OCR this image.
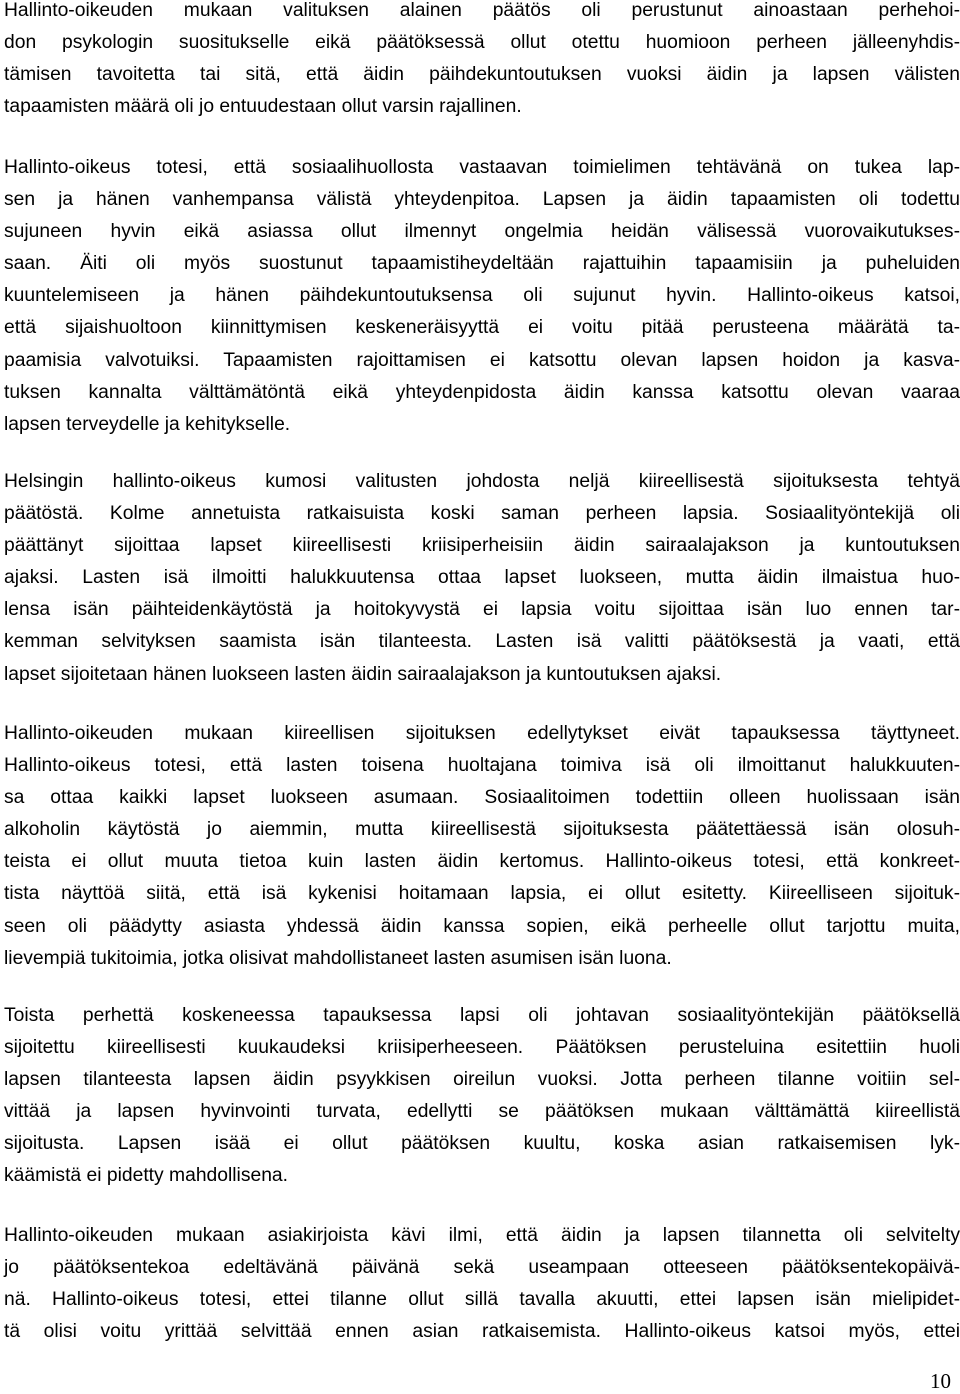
Hallinto-oikeuden mukaan valituksen alainen päätös oli perustunut ainoastaan perhehoi-
don psykologin suositukselle eikä päätöksessä ollut otettu huomioon perheen jälleenyhdis-
tämisen tavoitetta tai sitä, että äidin päihdekuntoutuksen vuoksi äidin ja lapsen välisten
tapaamisten määrä oli jo entuudestaan ollut varsin rajallinen.

Hallinto-oikeus totesi, että sosiaalihuollosta vastaavan toimielimen tehtävänä on tukea lap-
sen ja hänen vanhempansa välistä yhteydenpitoa. Lapsen ja äidin tapaamisten oli todettu
sujuneen hyvin eikä asiassa ollut ilmennyt ongelmia heidän välisessä vuorovaikutukses-
saan. Äiti oli myös suostunut tapaamistiheydeltään rajattuihin tapaamisiin ja puheluiden
kuuntelemiseen ja hänen päihdekuntoutuksensa oli sujunut hyvin. Hallinto-oikeus katsoi,
että sijaishuoltoon kiinnittymisen keskeneräisyyttä ei voitu pitää perusteena määrätä ta-
paamisia valvotuiksi. Tapaamisten rajoittamisen ei katsottu olevan lapsen hoidon ja kasva-
tuksen kannalta välttämätöntä eikä yhteydenpidosta äidin kanssa katsottu olevan vaaraa
lapsen terveydelle ja kehitykselle.

Helsingin hallinto-oikeus kumosi valitusten johdosta neljä kiireellisestä sijoituksesta tehtyä
päätöstä. Kolme annetuista ratkaisuista koski saman perheen lapsia. Sosiaalityöntekijä oli
päättänyt sijoittaa lapset kiireellisesti kriisiperheisiin äidin sairaalajakson ja kuntoutuksen
ajaksi. Lasten isä ilmoitti halukkuutensa ottaa lapset luokseen, mutta äidin ilmaistua huo-
lensa isän päihteidenkäytöstä ja hoitokyvystä ei lapsia voitu sijoittaa isän luo ennen tar-
kemman selvityksen saamista isän tilanteesta. Lasten isä valitti päätöksestä ja vaati, että
lapset sijoitetaan hänen luokseen lasten äidin sairaalajakson ja kuntoutuksen ajaksi.

Hallinto-oikeuden mukaan kiireellisen sijoituksen edellytykset eivät tapauksessa täyttyneet.
Hallinto-oikeus totesi, että lasten toisena huoltajana toimiva isä oli ilmoittanut halukkuuten-
sa ottaa kaikki lapset luokseen asumaan. Sosiaalitoimen todettiin olleen huolissaan isän
alkoholin käytöstä jo aiemmin, mutta kiireellisestä sijoituksesta päätettäessä isän olosuh-
teista ei ollut muuta tietoa kuin lasten äidin kertomus. Hallinto-oikeus totesi, että konkreet-
tista näyttöä siitä, että isä kykenisi hoitamaan lapsia, ei ollut esitetty. Kiireelliseen sijoituk-
seen oli päädytty asiasta yhdessä äidin kanssa sopien, eikä perheelle ollut tarjottu muita,
lievempiä tukitoimia, jotka olisivat mahdollistaneet lasten asumisen isän luona.

Toista perhettä koskeneessa tapauksessa lapsi oli johtavan sosiaalityöntekijän päätöksellä
sijoitettu kiireellisesti kuukaudeksi kriisiperheeseen. Päätöksen perusteluina esitettiin huoli
lapsen tilanteesta lapsen äidin psyykkisen oireilun vuoksi. Jotta perheen tilanne voitiin sel-
vittää ja lapsen hyvinvointi turvata, edellytti se päätöksen mukaan välttämättä kiireellistä
sijoitusta. Lapsen isää ei ollut päätöksen kuultu, koska asian ratkaisemisen lyk-
käämistä ei pidetty mahdollisena.

Hallinto-oikeuden mukaan asiakirjoista kävi ilmi, että äidin ja lapsen tilannetta oli selvitelty
jo päätöksentekoa edeltävänä päivänä sekä useampaan otteeseen päätöksentekopäivä-
nä. Hallinto-oikeus totesi, ettei tilanne ollut sillä tavalla akuutti, ettei lapsen isän mielipidet-
tä olisi voitu yrittää selvittää ennen asian ratkaisemista. Hallinto-oikeus katsoi myös, ettei

10
